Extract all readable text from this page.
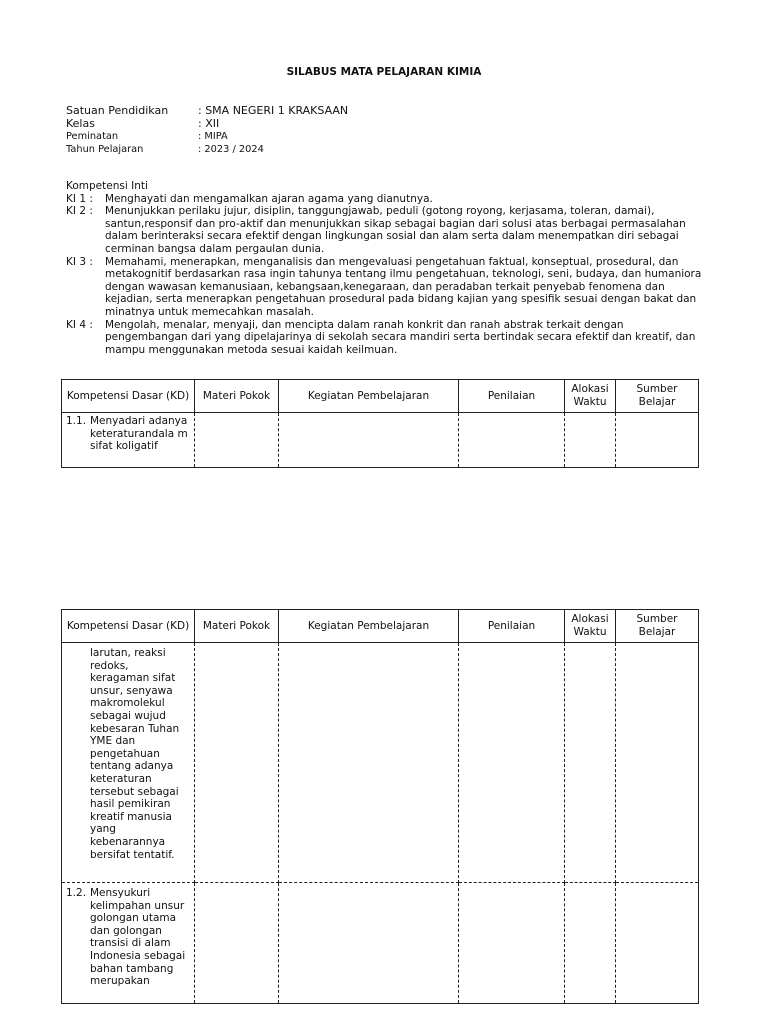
SILABUS MATA PELAJARAN KIMIA
Satuan Pendidikan	: SMA NEGERI 1 KRAKSAAN
Kelas	: XII
Peminatan	: MIPA
Tahun Pelajaran	: 2023 / 2024
Kompetensi Inti
KI 1 :	Menghayati dan mengamalkan ajaran agama yang dianutnya.
KI 2 :	Menunjukkan perilaku jujur, disiplin, tanggungjawab, peduli (gotong royong, kerjasama, toleran, damai), santun,responsif dan pro-aktif dan menunjukkan sikap sebagai bagian dari solusi atas berbagai permasalahan dalam berinteraksi secara efektif dengan lingkungan sosial dan alam serta dalam menempatkan diri sebagai cerminan bangsa dalam pergaulan dunia.
KI 3 :	Memahami, menerapkan, menganalisis dan mengevaluasi pengetahuan faktual, konseptual, prosedural, dan metakognitif berdasarkan rasa ingin tahunya tentang ilmu pengetahuan, teknologi, seni, budaya, dan humaniora dengan wawasan kemanusiaan, kebangsaan,kenegaraan, dan peradaban terkait penyebab fenomena dan kejadian, serta menerapkan pengetahuan prosedural pada bidang kajian yang spesifik sesuai dengan bakat dan minatnya untuk memecahkan masalah.
KI 4 :	Mengolah, menalar, menyaji, dan mencipta dalam ranah konkrit dan ranah abstrak terkait dengan pengembangan dari yang dipelajarinya di sekolah secara mandiri serta bertindak secara efektif dan kreatif, dan mampu menggunakan metoda sesuai kaidah keilmuan.
Kompetensi Dasar (KD)	Materi Pokok	Kegiatan Pembelajaran	Penilaian	Alokasi Waktu	Sumber Belajar

1.1. Menyadari adanya keteraturandala m sifat koligatif					

Kompetensi Dasar (KD)	Materi Pokok	Kegiatan Pembelajaran	Penilaian	Alokasi Waktu	Sumber Belajar

larutan, reaksi redoks, keragaman sifat unsur, senyawa makromolekul sebagai wujud kebesaran Tuhan YME dan pengetahuan tentang adanya keteraturan tersebut sebagai hasil pemikiran kreatif manusia yang kebenarannya bersifat tentatif.					

1.2. Mensyukuri kelimpahan unsur golongan utama dan golongan transisi di alam Indonesia sebagai bahan tambang merupakan					
